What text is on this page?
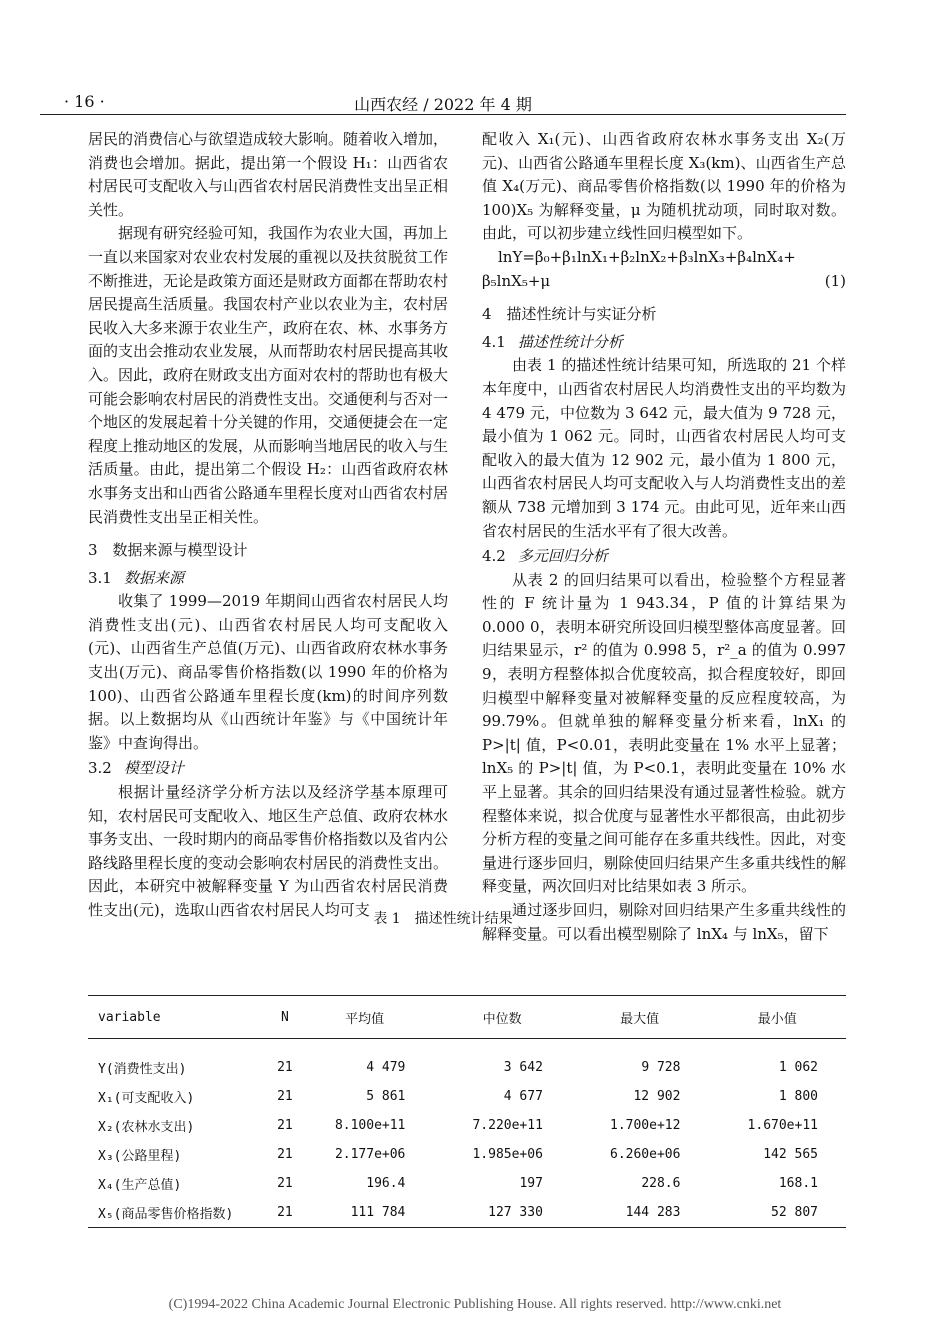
· 16 ·	山西农经 / 2022 年 4 期

居民的消费信心与欲望造成较大影响。随着收入增加，消费也会增加。据此，提出第一个假设 H₁：山西省农村居民可支配收入与山西省农村居民消费性支出呈正相关性。

据现有研究经验可知，我国作为农业大国，再加上一直以来国家对农业农村发展的重视以及扶贫脱贫工作不断推进，无论是政策方面还是财政方面都在帮助农村居民提高生活质量。我国农村产业以农业为主，农村居民收入大多来源于农业生产，政府在农、林、水事务方面的支出会推动农业发展，从而帮助农村居民提高其收入。因此，政府在财政支出方面对农村的帮助也有极大可能会影响农村居民的消费性支出。交通便利与否对一个地区的发展起着十分关键的作用，交通便捷会在一定程度上推动地区的发展，从而影响当地居民的收入与生活质量。由此，提出第二个假设 H₂：山西省政府农林水事务支出和山西省公路通车里程长度对山西省农村居民消费性支出呈正相关性。

3　数据来源与模型设计

3.1 数据来源

收集了 1999—2019 年期间山西省农村居民人均消费性支出(元)、山西省农村居民人均可支配收入(元)、山西省生产总值(万元)、山西省政府农林水事务支出(万元)、商品零售价格指数(以 1990 年的价格为 100)、山西省公路通车里程长度(km)的时间序列数据。以上数据均从《山西统计年鉴》与《中国统计年鉴》中查询得出。

3.2 模型设计

根据计量经济学分析方法以及经济学基本原理可知，农村居民可支配收入、地区生产总值、政府农林水事务支出、一段时期内的商品零售价格指数以及省内公路线路里程长度的变动会影响农村居民的消费性支出。因此，本研究中被解释变量 Y 为山西省农村居民消费性支出(元)，选取山西省农村居民人均可支

配收入 X₁(元)、山西省政府农林水事务支出 X₂(万元)、山西省公路通车里程长度 X₃(km)、山西省生产总值 X₄(万元)、商品零售价格指数(以 1990 年的价格为 100)X₅ 为解释变量，μ 为随机扰动项，同时取对数。由此，可以初步建立线性回归模型如下。

lnY=β₀+β₁lnX₁+β₂lnX₂+β₃lnX₃+β₄lnX₄+

(1)
β₅lnX₅+μ

4　描述性统计与实证分析

4.1 描述性统计分析

由表 1 的描述性统计结果可知，所选取的 21 个样本年度中，山西省农村居民人均消费性支出的平均数为 4 479 元，中位数为 3 642 元，最大值为 9 728 元，最小值为 1 062 元。同时，山西省农村居民人均可支配收入的最大值为 12 902 元，最小值为 1 800 元，山西省农村居民人均可支配收入与人均消费性支出的差额从 738 元增加到 3 174 元。由此可见，近年来山西省农村居民的生活水平有了很大改善。

4.2 多元回归分析

从表 2 的回归结果可以看出，检验整个方程显著性的 F 统计量为 1 943.34，P 值的计算结果为 0.000 0，表明本研究所设回归模型整体高度显著。回归结果显示，r² 的值为 0.998 5，r²_a 的值为 0.997 9，表明方程整体拟合优度较高，拟合程度较好，即回归模型中解释变量对被解释变量的反应程度较高，为 99.79%。但就单独的解释变量分析来看，lnX₁ 的 P>|t| 值，P<0.01，表明此变量在 1% 水平上显著；lnX₅ 的 P>|t| 值，为 P<0.1，表明此变量在 10% 水平上显著。其余的回归结果没有通过显著性检验。就方程整体来说，拟合优度与显著性水平都很高，由此初步分析方程的变量之间可能存在多重共线性。因此，对变量进行逐步回归，剔除使回归结果产生多重共线性的解释变量，两次回归对比结果如表 3 所示。

通过逐步回归，剔除对回归结果产生多重共线性的解释变量。可以看出模型剔除了 lnX₄ 与 lnX₅，留下

表 1　描述性统计结果
variable	N	平均值	中位数	最大值	最小值
Y(消费性支出)	21	4 479	3 642	9 728	1 062
X₁(可支配收入)	21	5 861	4 677	12 902	1 800
X₂(农林水支出)	21	8.100e+11	7.220e+11	1.700e+12	1.670e+11
X₃(公路里程)	21	2.177e+06	1.985e+06	6.260e+06	142 565
X₄(生产总值)	21	196.4	197	228.6	168.1
X₅(商品零售价格指数)	21	111 784	127 330	144 283	52 807
(C)1994-2022 China Academic Journal Electronic Publishing House. All rights reserved. http://www.cnki.net
